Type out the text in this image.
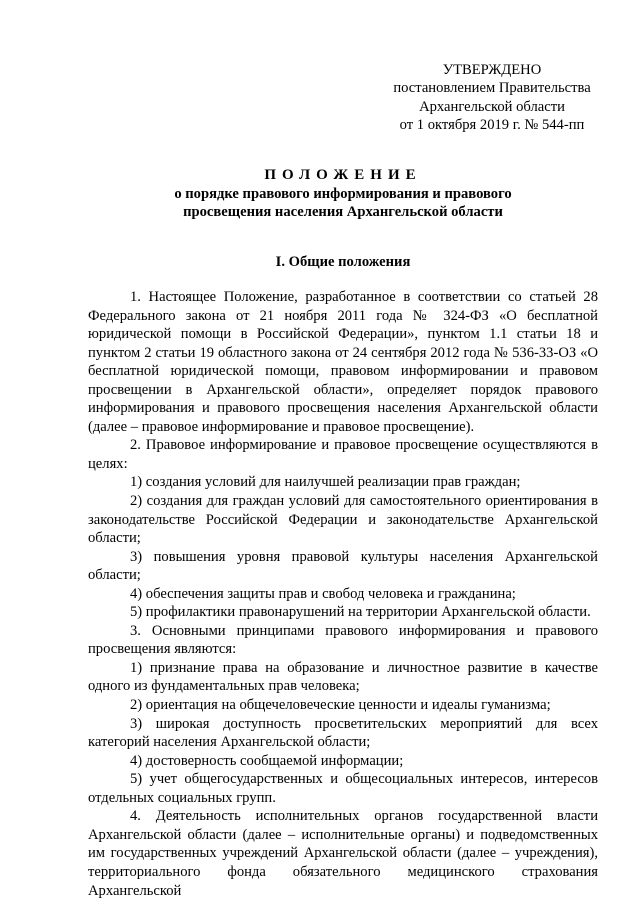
УТВЕРЖДЕНО
постановлением Правительства
Архангельской области
от 1 октября 2019 г. № 544-пп
ПОЛОЖЕНИЕ
о порядке правового информирования и правового
просвещения населения Архангельской области
I. Общие положения

1. Настоящее Положение, разработанное в соответствии со статьей 28 Федерального закона от 21 ноября 2011 года № 324-ФЗ «О бесплатной юридической помощи в Российской Федерации», пунктом 1.1 статьи 18 и пунктом 2 статьи 19 областного закона от 24 сентября 2012 года № 536-33-ОЗ «О бесплатной юридической помощи, правовом информировании и правовом просвещении в Архангельской области», определяет порядок правового информирования и правового просвещения населения Архангельской области (далее – правовое информирование и правовое просвещение).

2. Правовое информирование и правовое просвещение осуществляются в целях:

1) создания условий для наилучшей реализации прав граждан;

2) создания для граждан условий для самостоятельного ориентирования в законодательстве Российской Федерации и законодательстве Архангельской области;

3) повышения уровня правовой культуры населения Архангельской области;

4) обеспечения защиты прав и свобод человека и гражданина;

5) профилактики правонарушений на территории Архангельской области.

3. Основными принципами правового информирования и правового просвещения являются:

1) признание права на образование и личностное развитие в качестве одного из фундаментальных прав человека;

2) ориентация на общечеловеческие ценности и идеалы гуманизма;

3) широкая доступность просветительских мероприятий для всех категорий населения Архангельской области;

4) достоверность сообщаемой информации;

5) учет общегосударственных и общесоциальных интересов, интересов отдельных социальных групп.

4. Деятельность исполнительных органов государственной власти Архангельской области (далее – исполнительные органы) и подведомственных им государственных учреждений Архангельской области (далее – учреждения), территориального фонда обязательного медицинского страхования Архангельской
